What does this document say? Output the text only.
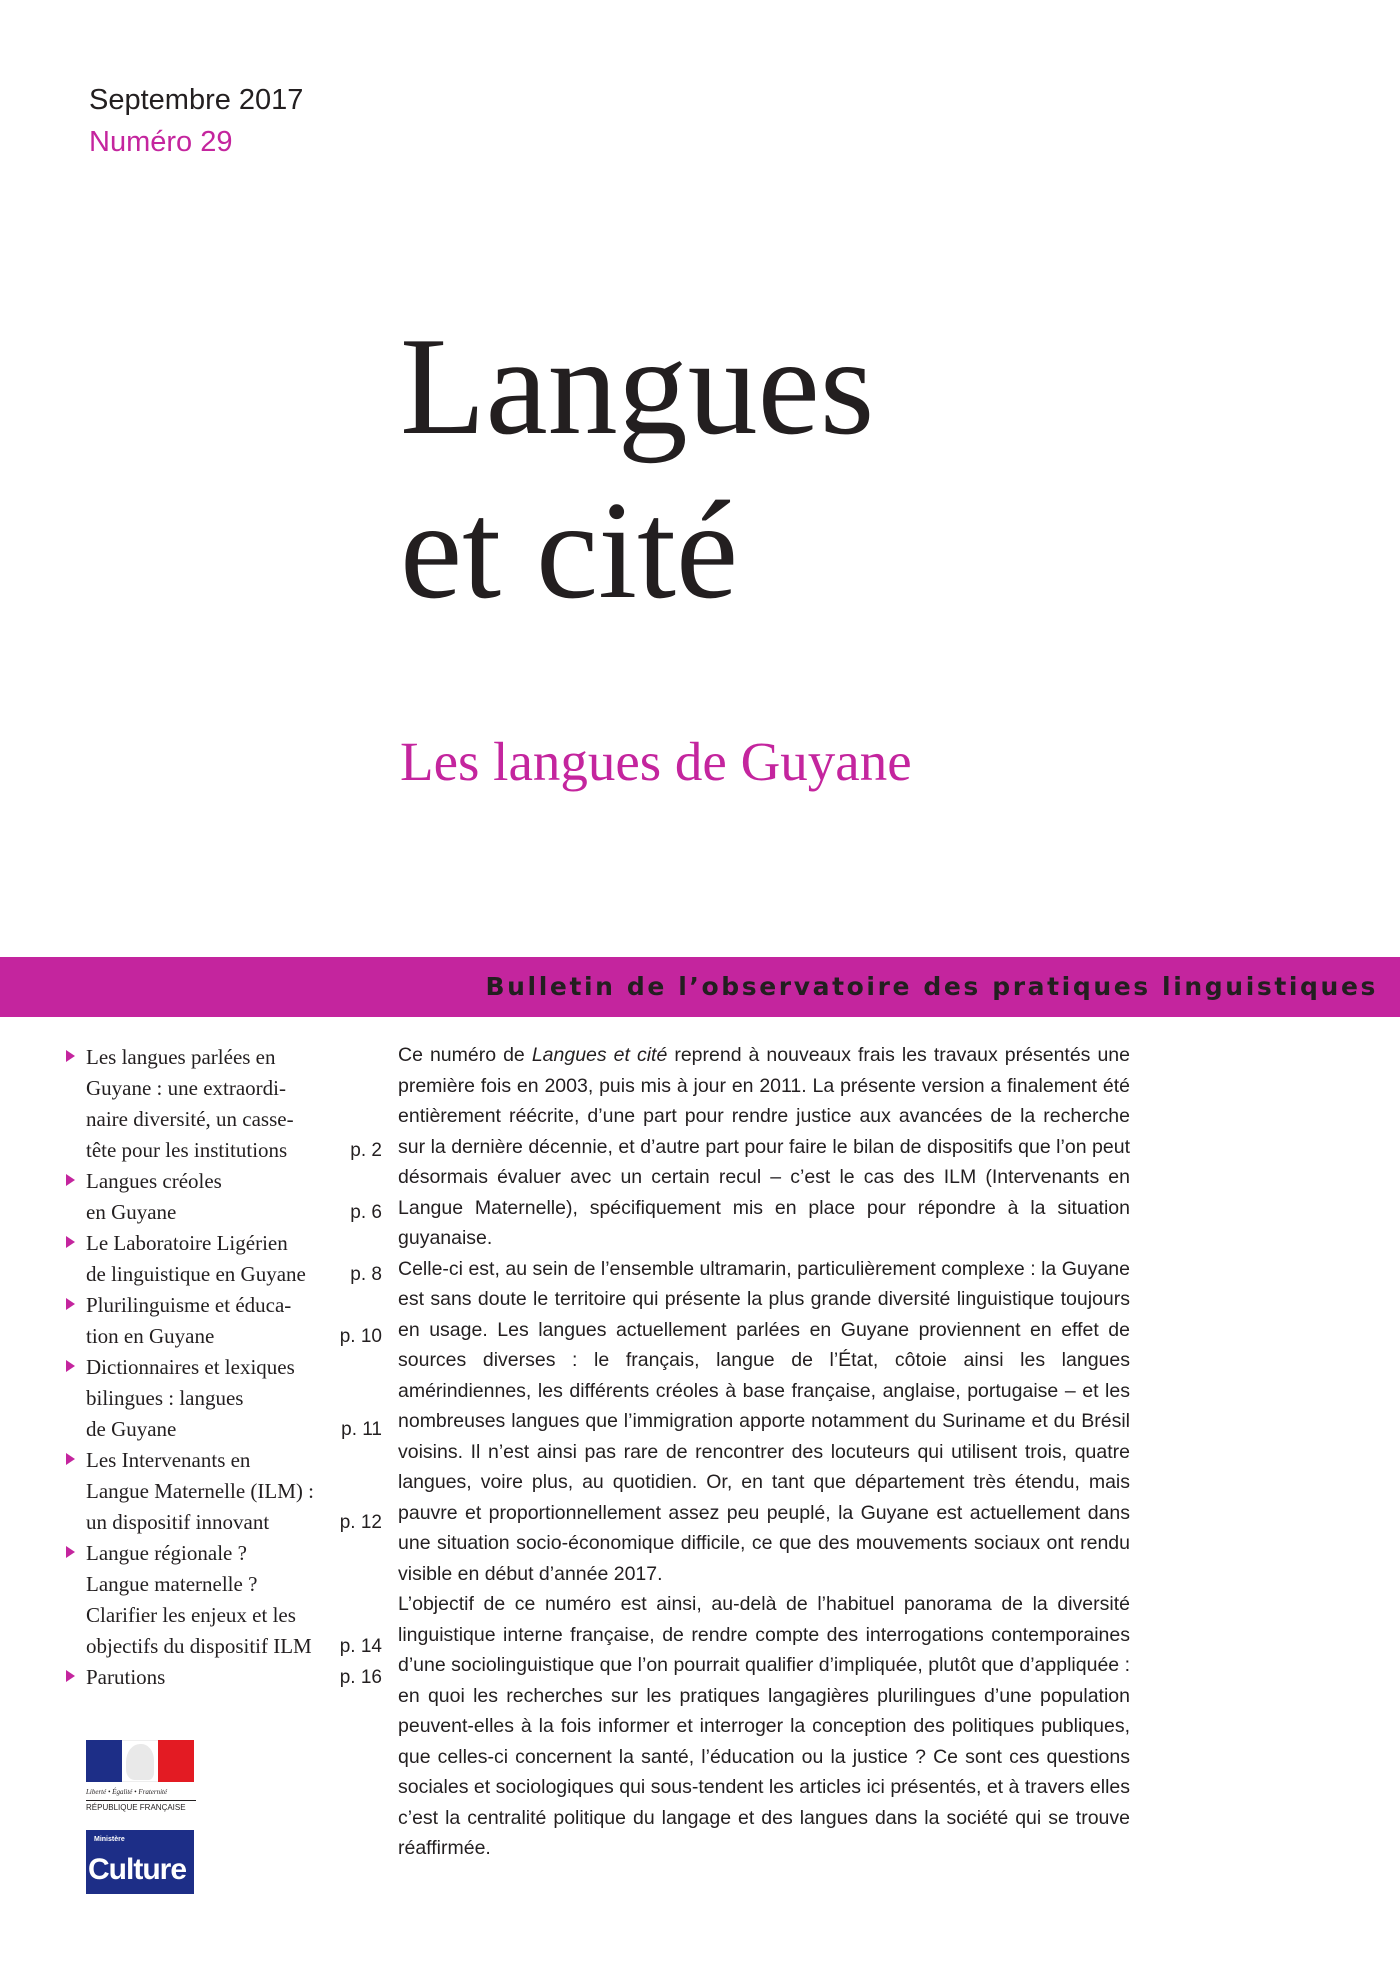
Septembre 2017
Numéro 29
Langues
et cité
Les langues de Guyane
Bulletin de l’observatoire des pratiques linguistiques
Les langues parlées en
Guyane : une extraordi-
naire diversité, un casse-
tête pour les institutions	p. 2
Langues créoles
en Guyane	p. 6
Le Laboratoire Ligérien
de linguistique en Guyane p. 8
Plurilinguisme et éduca-
tion en Guyane	p. 10
Dictionnaires et lexiques
bilingues : langues
de Guyane	p. 11
Les Intervenants en
Langue Maternelle (ILM) :
un dispositif innovant	p. 12
Langue régionale ?
Langue maternelle ?
Clarifier les enjeux et les
objectifs du dispositif ILM p. 14
Parutions	p. 16

Ce numéro de Langues et cité reprend à nouveaux frais les travaux présentés une première fois en 2003, puis mis à jour en 2011. La présente version a finalement été entièrement réécrite, d’une part pour rendre justice aux avancées de la recherche sur la dernière décennie, et d’autre part pour faire le bilan de dispositifs que l’on peut désormais évaluer avec un certain recul – c’est le cas des ILM (Intervenants en Langue Maternelle), spécifiquement mis en place pour répondre à la situation guyanaise.

Celle-ci est, au sein de l’ensemble ultramarin, particulièrement complexe : la Guyane est sans doute le territoire qui présente la plus grande diversité linguistique toujours en usage. Les langues actuellement parlées en Guyane proviennent en effet de sources diverses : le français, langue de l’État, côtoie ainsi les langues amérindiennes, les différents créoles à base française, anglaise, portugaise – et les nombreuses langues que l’immigration apporte notamment du Suriname et du Brésil voisins. Il n’est ainsi pas rare de rencontrer des locuteurs qui utilisent trois, quatre langues, voire plus, au quotidien. Or, en tant que département très étendu, mais pauvre et proportionnellement assez peu peuplé, la Guyane est actuellement dans une situation socio-économique difficile, ce que des mouvements sociaux ont rendu visible en début d’année 2017.

L’objectif de ce numéro est ainsi, au-delà de l’habituel panorama de la diversité linguistique interne française, de rendre compte des interrogations contemporaines d’une sociolinguistique que l’on pourrait qualifier d’impliquée, plutôt que d’appliquée : en quoi les recherches sur les pratiques langagières plurilingues d’une population peuvent-elles à la fois informer et interroger la conception des politiques publiques, que celles-ci concernent la santé, l’éducation ou la justice ? Ce sont ces questions sociales et sociologiques qui sous-tendent les articles ici présentés, et à travers elles c’est la centralité politique du langage et des langues dans la société qui se trouve réaffirmée.

Liberté • Égalité • Fraternité
RÉPUBLIQUE FRANÇAISE
Ministère
Culture
